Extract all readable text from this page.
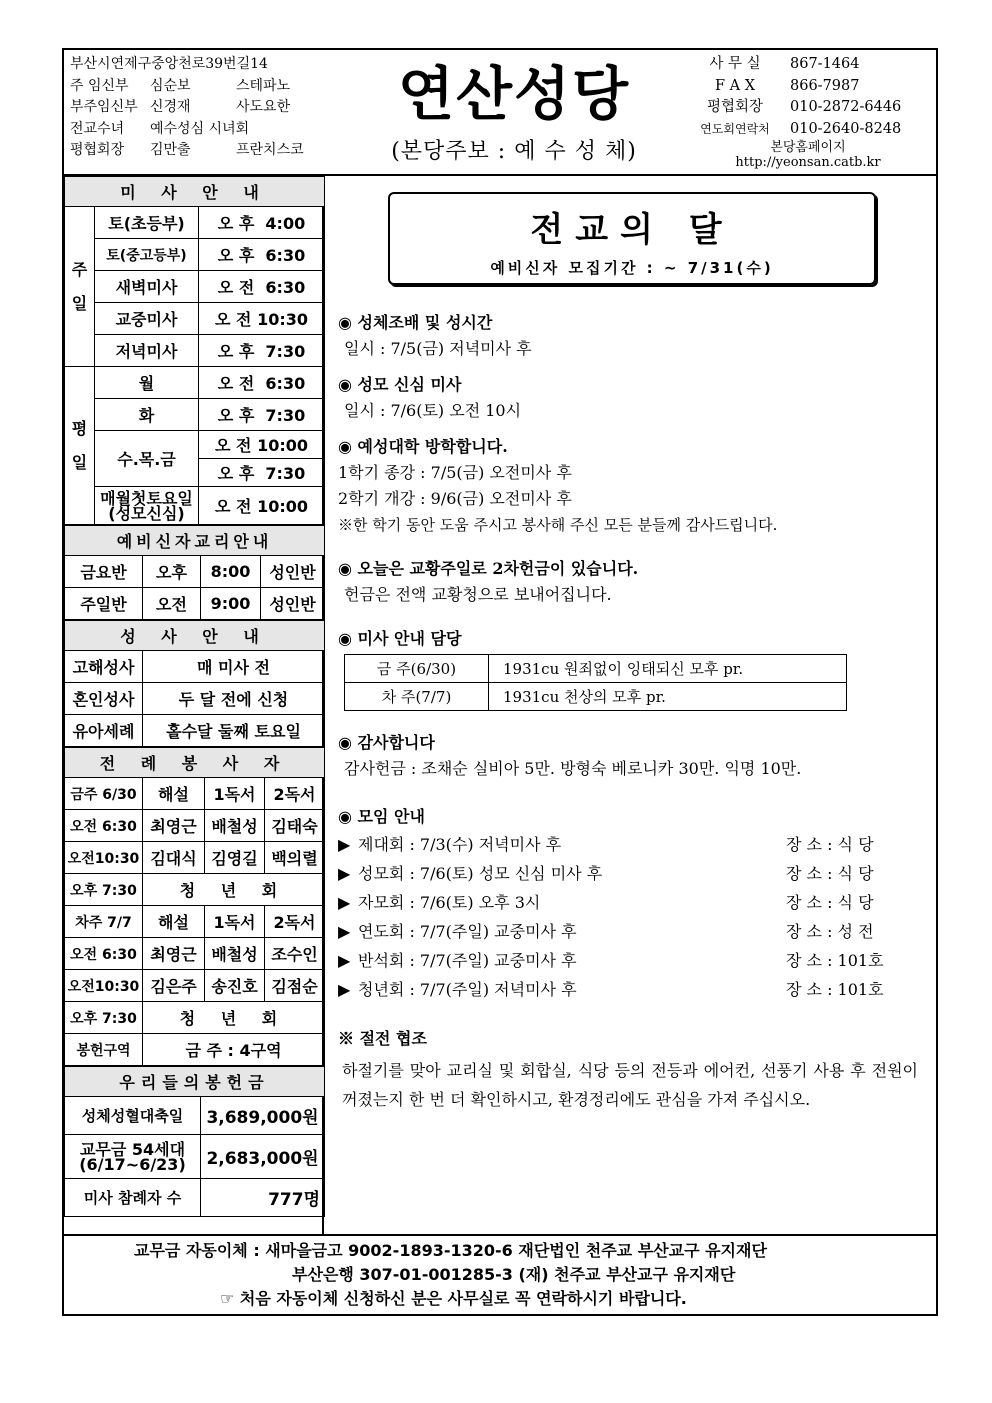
부산시연제구중앙천로39번길14
주 임신부	심순보	스테파노
부주임신부 신경재	사도요한
전교수녀	예수성심 시녀회
평협회장	김만출	프란치스코
연산성당
(본당주보 : 예 수 성 체)
사 무 실	867-1464
F A X	866-7987
평협회장	010-2872-6446
연도회연락처	010-2640-8248
본당홈페이지
http://yeonsan.catb.kr
미 사 안 내		
주일	토(초등부)	오 후  4:00
	토(중고등부)	오 후  6:30
	새벽미사	오 전  6:30
	교중미사	오 전 10:30
	저녁미사	오 후  7:30
평일	월	오 전  6:30
	화	오 후  7:30
	수.목.금	오 전 10:00
		오 후  7:30
	매월첫토요일
(성모신심)	오 전 10:00
예비신자교리안내			
금요반	오후	8:00	성인반
주일반	오전	9:00	성인반
성 사 안 내	
고해성사	매 미사 전
혼인성사	두 달 전에 신청
유아세례	홀수달 둘째 토요일
전 례 봉 사 자			
금주 6/30	해설	1독서	2독서
오전 6:30	최영근	배철성	김태숙
오전10:30	김대식	김영길	백의렬
오후 7:30	청 년 회		
차주 7/7	해설	1독서	2독서
오전 6:30	최영근	배철성	조수인
오전10:30	김은주	송진호	김점순
오후 7:30	청 년 회		
봉헌구역	금 주 : 4구역		
우리들의봉헌금	
성체성혈대축일	3,689,000원
교무금 54세대
(6/17~6/23)	2,683,000원
미사 참례자 수	777명
전교의 달
예비신자 모집기간 : ~ 7/31(수)
◉ 성체조배 및 성시간

일시 : 7/5(금) 저녁미사 후

◉ 성모 신심 미사

일시 : 7/6(토) 오전 10시

◉ 예성대학 방학합니다.

1학기 종강 : 7/5(금) 오전미사 후

2학기 개강 : 9/6(금) 오전미사 후

※한 학기 동안 도움 주시고 봉사해 주신 모든 분들께 감사드립니다.

◉ 오늘은 교황주일로 2차헌금이 있습니다.

헌금은 전액 교황청으로 보내어집니다.

◉ 미사 안내 담당
금 주(6/30)	1931cu 원죄없이 잉태되신 모후 pr.
차 주(7/7)	1931cu 천상의 모후 pr.
◉ 감사합니다

감사헌금 : 조채순 실비아 5만. 방형숙 베로니카 30만. 익명 10만.

◉ 모임 안내
▶ 제대회 : 7/3(수) 저녁미사 후	장 소 : 식 당
▶ 성모회 : 7/6(토) 성모 신심 미사 후	장 소 : 식 당
▶ 자모회 : 7/6(토) 오후 3시	장 소 : 식 당
▶ 연도회 : 7/7(주일) 교중미사 후	장 소 : 성 전
▶ 반석회 : 7/7(주일) 교중미사 후	장 소 : 101호
▶ 청년회 : 7/7(주일) 저녁미사 후	장 소 : 101호
※ 절전 협조
하절기를 맞아 교리실 및 회합실, 식당 등의 전등과 에어컨, 선풍기 사용 후 전원이 꺼졌는지 한 번 더 확인하시고, 환경정리에도 관심을 가져 주십시오.
교무금 자동이체 : 새마을금고 9002-1893-1320-6 재단법인 천주교 부산교구 유지재단
부산은행 307-01-001285-3 (재) 천주교 부산교구 유지재단
☞ 처음 자동이체 신청하신 분은 사무실로 꼭 연락하시기 바랍니다.
